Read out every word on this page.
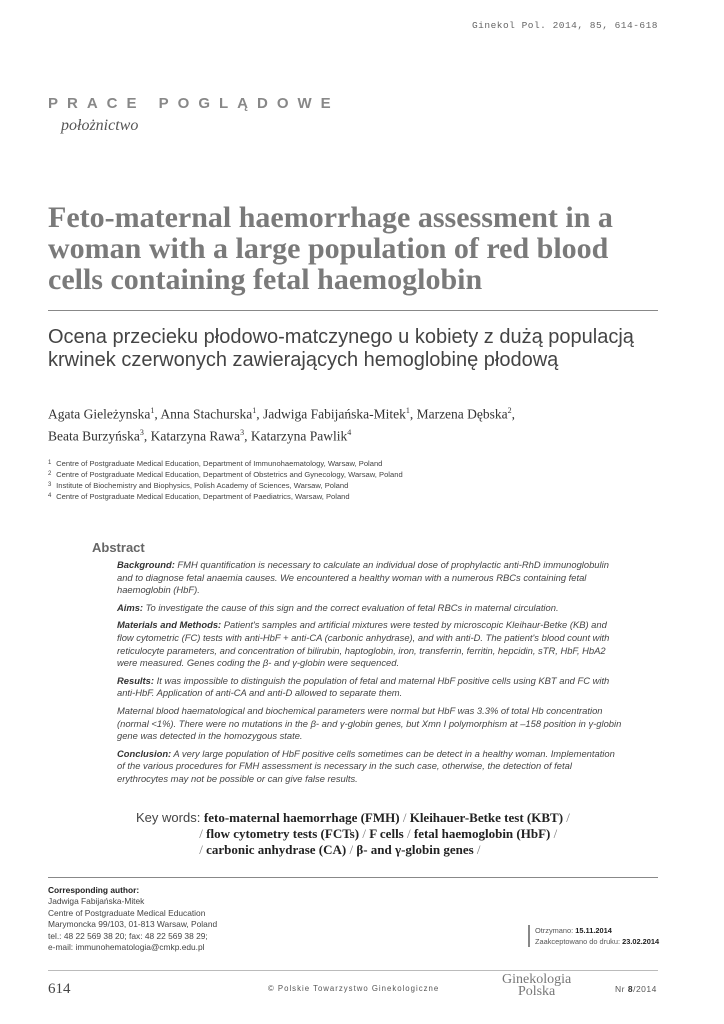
Ginekol Pol. 2014, 85, 614-618
PRACE POGLĄDOWE
położnictwo
Feto-maternal haemorrhage assessment in a woman with a large population of red blood cells containing fetal haemoglobin
Ocena przecieku płodowo-matczynego u kobiety z dużą populacją krwinek czerwonych zawierających hemoglobinę płodową
Agata Gieleżynska$^1$, Anna Stachurska$^1$, Jadwiga Fabijańska-Mitek$^1$, Marzena Dębska$^2$,
Beata Burzyńska$^3$, Katarzyna Rawa$^3$, Katarzyna Pawlik$^4$
1 Centre of Postgraduate Medical Education, Department of Immunohaematology, Warsaw, Poland
2 Centre of Postgraduate Medical Education, Department of Obstetrics and Gynecology, Warsaw, Poland
3 Institute of Biochemistry and Biophysics, Polish Academy of Sciences, Warsaw, Poland
4 Centre of Postgraduate Medical Education, Department of Paediatrics, Warsaw, Poland
Abstract

Background: FMH quantification is necessary to calculate an individual dose of prophylactic anti-RhD immunoglobulin and to diagnose fetal anaemia causes. We encountered a healthy woman with a numerous RBCs containing fetal haemoglobin (HbF).

Aims: To investigate the cause of this sign and the correct evaluation of fetal RBCs in maternal circulation.

Materials and Methods: Patient's samples and artificial mixtures were tested by microscopic Kleihaur-Betke (KB) and flow cytometric (FC) tests with anti-HbF + anti-CA (carbonic anhydrase), and with anti-D. The patient's blood count with reticulocyte parameters, and concentration of bilirubin, haptoglobin, iron, transferrin, ferritin, hepcidin, sTR, HbF, HbA2 were measured. Genes coding the β- and γ-globin were sequenced.

Results: It was impossible to distinguish the population of fetal and maternal HbF positive cells using KBT and FC with anti-HbF. Application of anti-CA and anti-D allowed to separate them.

Maternal blood haematological and biochemical parameters were normal but HbF was 3.3% of total Hb concentration (normal <1%). There were no mutations in the β- and γ-globin genes, but Xmn I polymorphism at –158 position in γ-globin gene was detected in the homozygous state.

Conclusion: A very large population of HbF positive cells sometimes can be detect in a healthy woman. Implementation of the various procedures for FMH assessment is necessary in the such case, otherwise, the detection of fetal erythrocytes may not be possible or can give false results.

Key words: feto-maternal haemorrhage (FMH) / Kleihauer-Betke test (KBT) /
/ flow cytometry tests (FCTs) / F cells / fetal haemoglobin (HbF) /
/ carbonic anhydrase (CA) / β- and γ-globin genes /
Corresponding author:
Jadwiga Fabijańska-Mitek
Centre of Postgraduate Medical Education
Marymoncka 99/103, 01-813 Warsaw, Poland
tel.: 48 22 569 38 20; fax: 48 22 569 38 29;
e-mail: immunohematologia@cmkp.edu.pl
Otrzymano: 15.11.2014
Zaakceptowano do druku: 23.02.2014
614	© Polskie Towarzystwo Ginekologiczne
Ginekologia
Polska	Nr 8/2014
